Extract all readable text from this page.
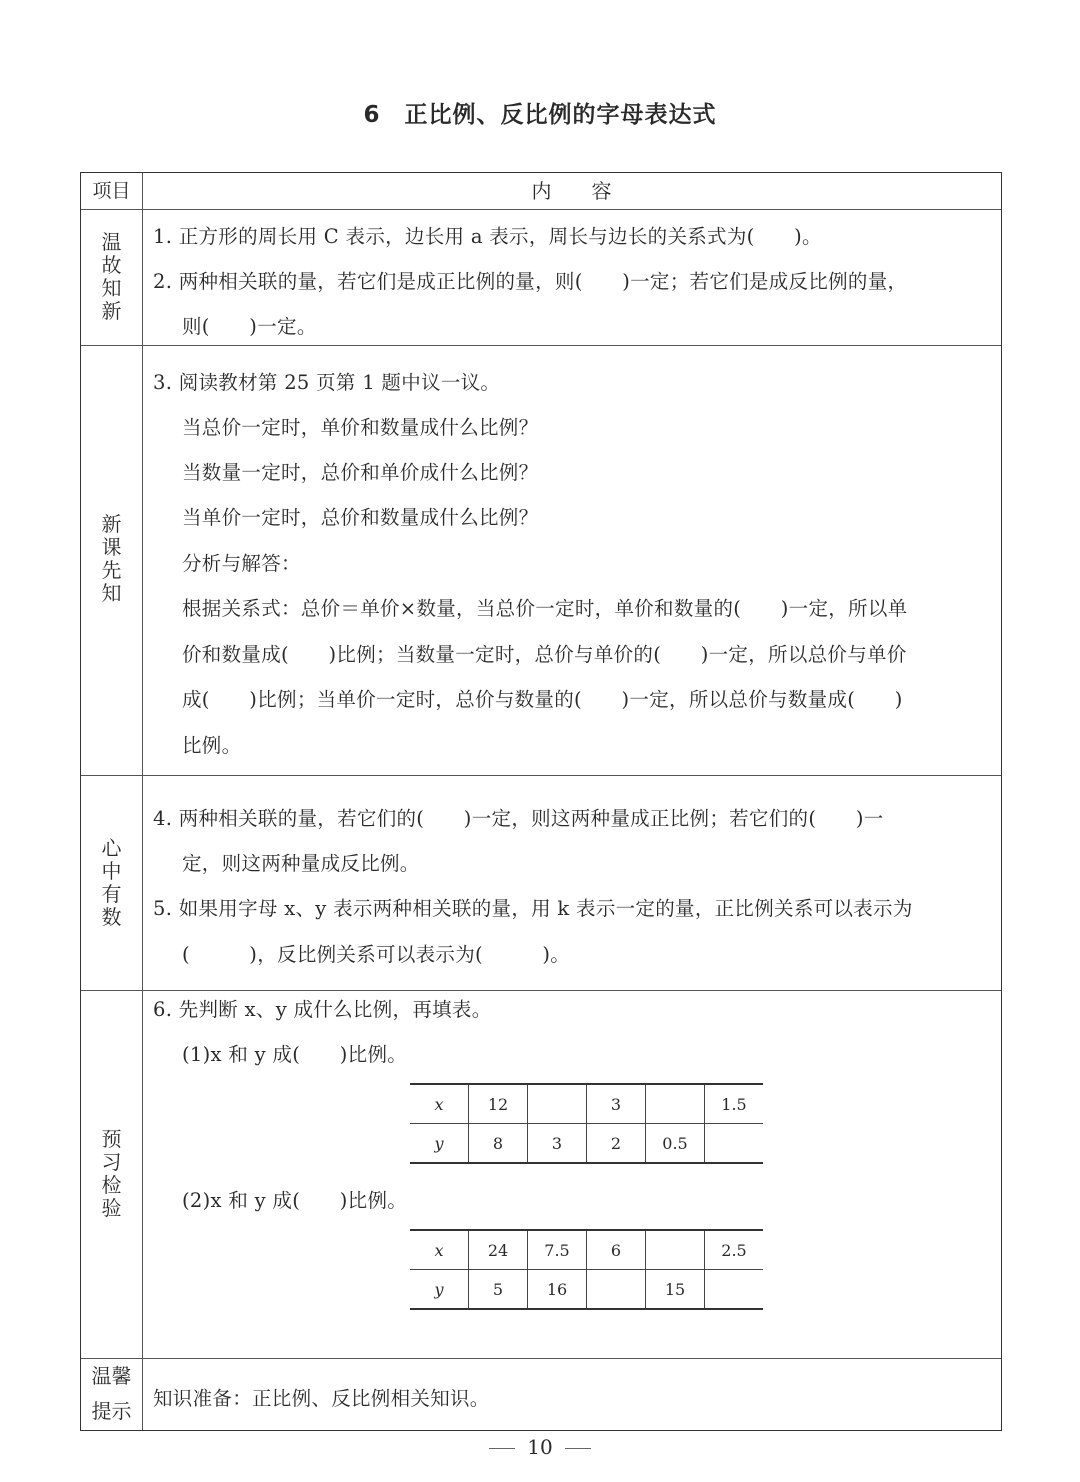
6 正比例、反比例的字母表达式
项目	内容
温故知新
1. 正方形的周长用 C 表示，边长用 a 表示，周长与边长的关系式为(　　)。
2. 两种相关联的量，若它们是成正比例的量，则(　　)一定；若它们是成反比例的量，
则(　　)一定。
新课先知
3. 阅读教材第 25 页第 1 题中议一议。
当总价一定时，单价和数量成什么比例？
当数量一定时，总价和单价成什么比例？
当单价一定时，总价和数量成什么比例？
分析与解答：
根据关系式：总价＝单价×数量，当总价一定时，单价和数量的(　　)一定，所以单
价和数量成(　　)比例；当数量一定时，总价与单价的(　　)一定，所以总价与单价
成(　　)比例；当单价一定时，总价与数量的(　　)一定，所以总价与数量成(　　)
比例。
心中有数
4. 两种相关联的量，若它们的(　　)一定，则这两种量成正比例；若它们的(　　)一
定，则这两种量成反比例。
5. 如果用字母 x、y 表示两种相关联的量，用 k 表示一定的量，正比例关系可以表示为
(　　　)，反比例关系可以表示为(　　　)。
预习检验
6. 先判断 x、y 成什么比例，再填表。
(1)x 和 y 成(　　)比例。
x	12		3		1.5
y	8	3	2	0.5	
(2)x 和 y 成(　　)比例。
x	24	7.5	6		2.5
y	5	16		15	
温馨
提示
知识准备：正比例、反比例相关知识。
10
